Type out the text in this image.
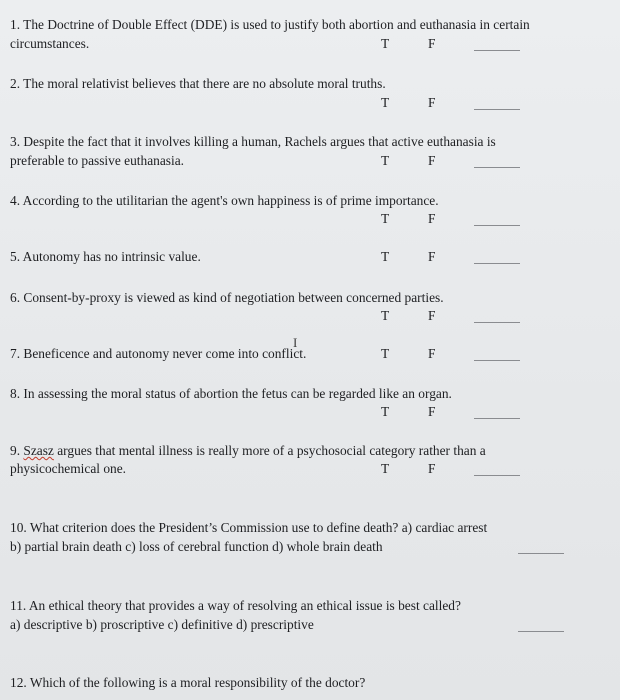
1. The Doctrine of Double Effect (DDE) is used to justify both abortion and euthanasia in certain
circumstances.	T	F
2. The moral relativist believes that there are no absolute moral truths.
T	F
3. Despite the fact that it involves killing a human, Rachels argues that active euthanasia is
preferable to passive euthanasia.	T	F
4. According to the utilitarian the agent's own happiness is of prime importance.
T	F
5. Autonomy has no intrinsic value.	T	F
6. Consent-by-proxy is viewed as kind of negotiation between concerned parties.
T	F
7. Beneficence and autonomy never come into conflict.
I
T	F
8. In assessing the moral status of abortion the fetus can be regarded like an organ.
T	F
9. Szasz argues that mental illness is really more of a psychosocial category rather than a
physicochemical one.	T	F
10. What criterion does the President’s Commission use to define death? a) cardiac arrest
b) partial brain death c) loss of cerebral function d) whole brain death
11. An ethical theory that provides a way of resolving an ethical issue is best called?
a) descriptive b) proscriptive c) definitive d) prescriptive
12. Which of the following is a moral responsibility of the doctor?
